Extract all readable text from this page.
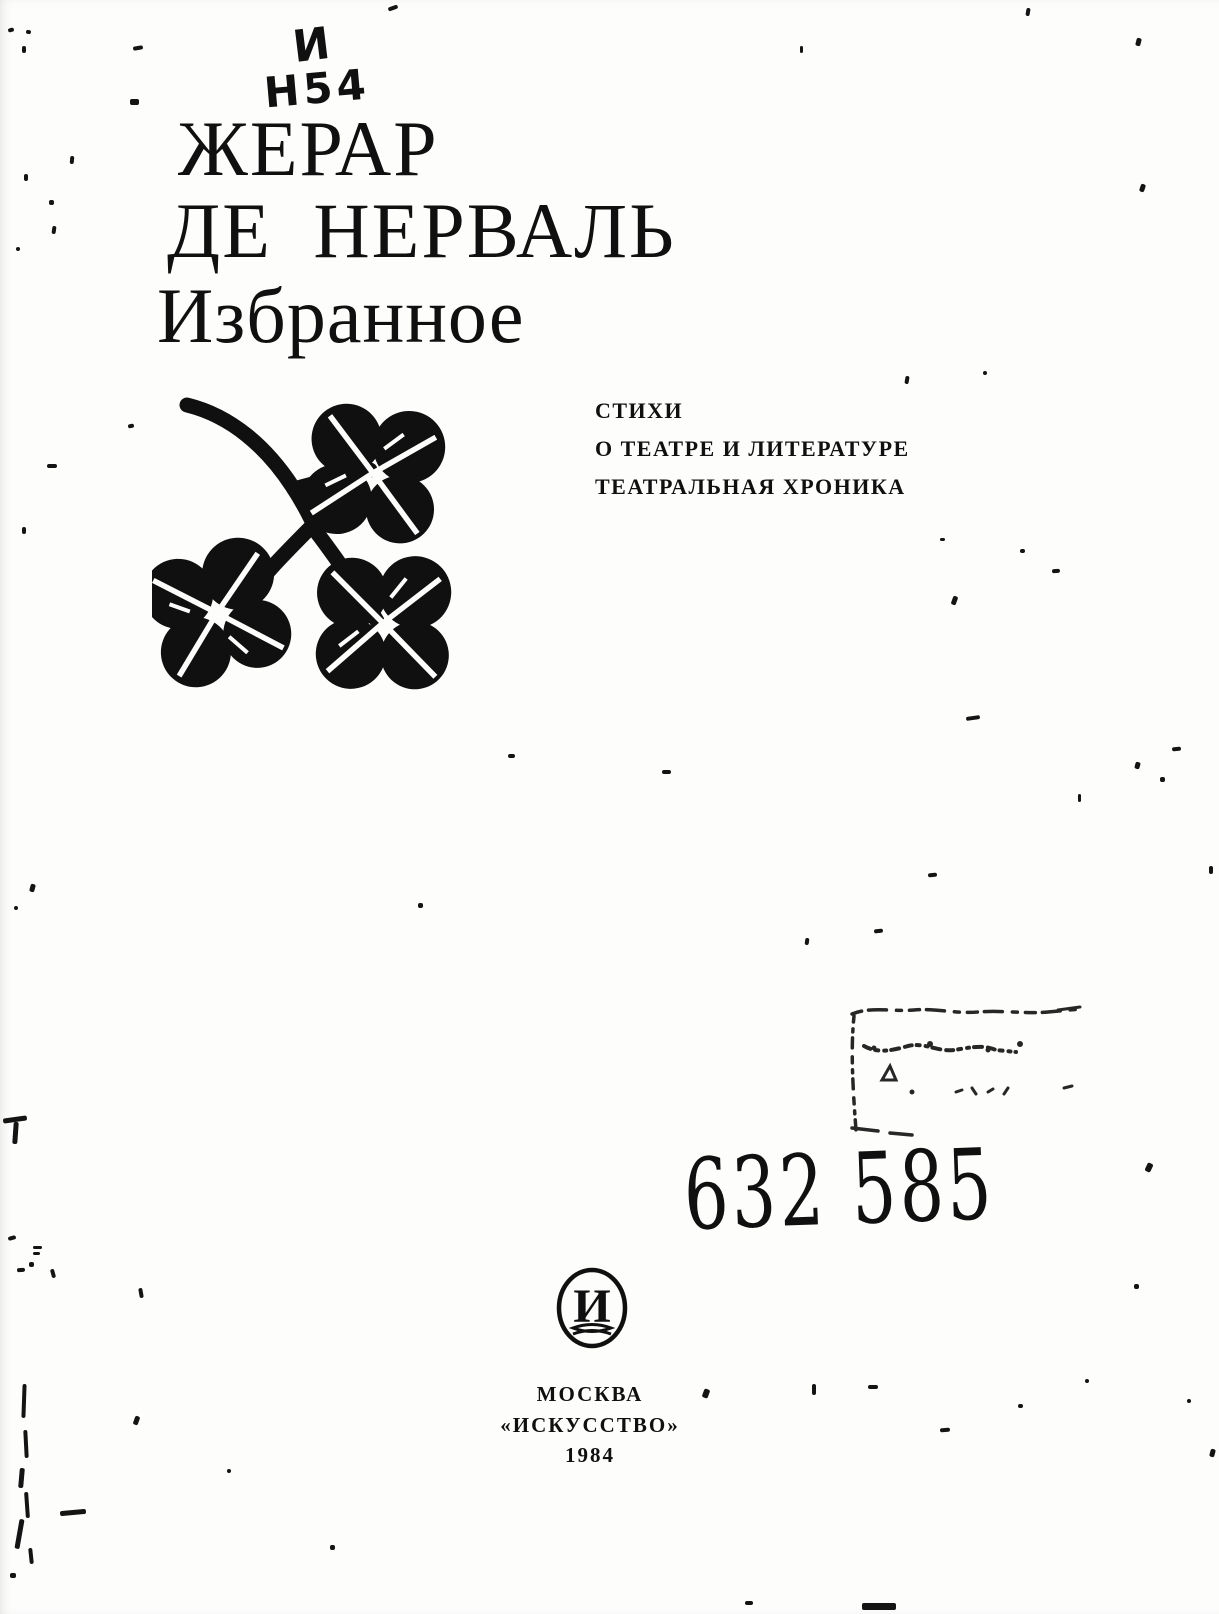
И
Н54
ЖЕРАР
ДЕ НЕРВАЛЬ
Избранное
СТИХИ
О ТЕАТРЕ И ЛИТЕРАТУРЕ
ТЕАТРАЛЬНАЯ ХРОНИКА
632 585
И
МОСКВА
«ИСКУССТВО»
1984
